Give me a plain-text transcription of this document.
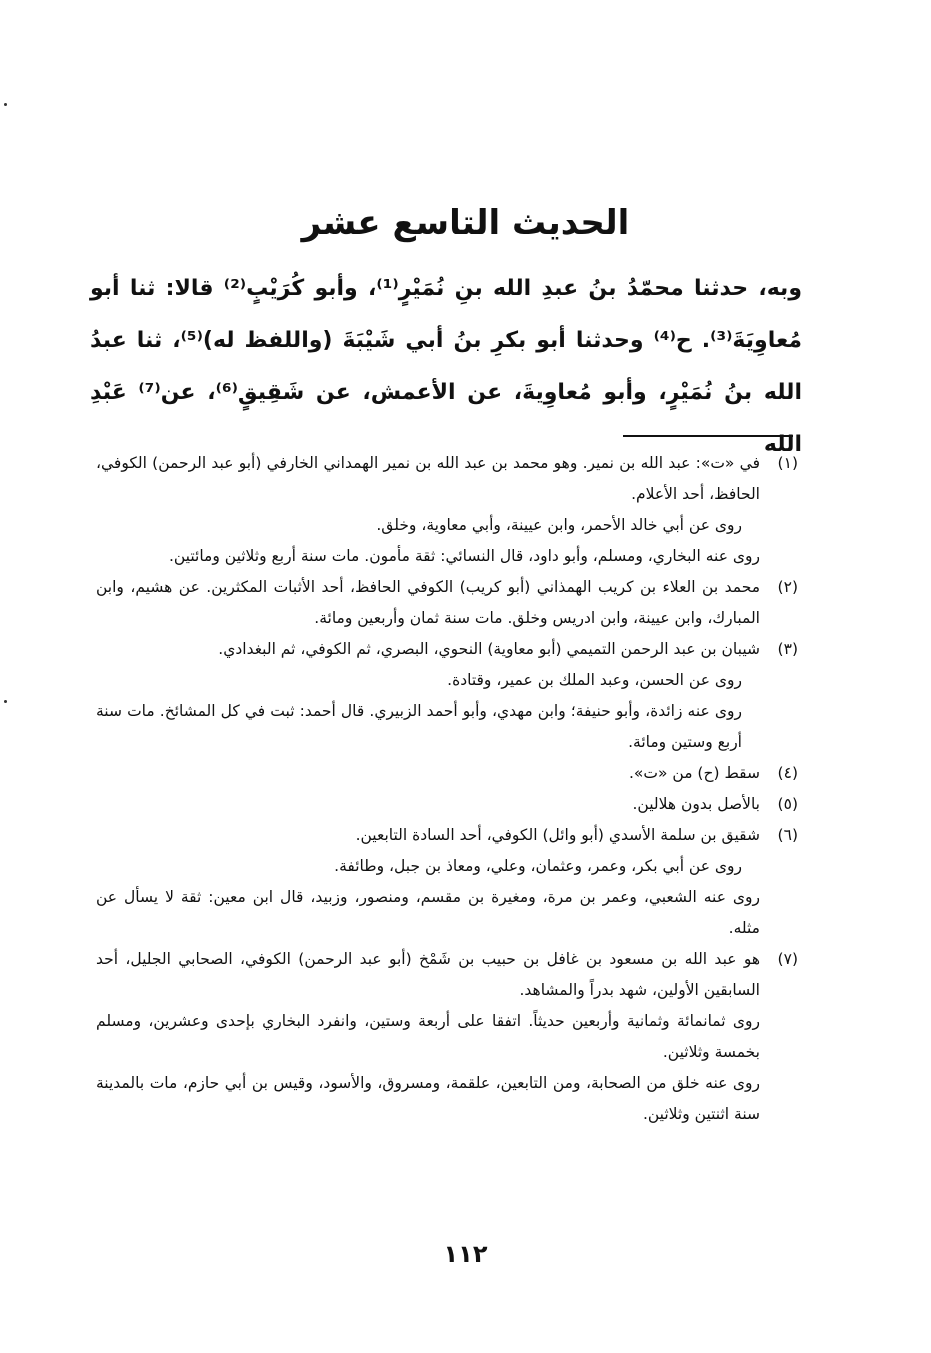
الحديث التاسع عشر
وبه، حدثنا محمّدُ بنُ عبدِ الله بنِ نُمَيْرٍ⁽¹⁾، وأبو كُرَيْبٍ⁽²⁾ قالا: ثنا أبو مُعاوِيَةَ⁽³⁾. ح⁽⁴⁾ وحدثنا أبو بكرِ بنُ أبي شَيْبَةَ (واللفظ له)⁽⁵⁾، ثنا عبدُ الله بنُ نُمَيْرٍ، وأبو مُعاوِيةَ، عن الأعمش، عن شَقِيقٍ⁽⁶⁾، عن⁽⁷⁾ عَبْدِ الله
(١)

في «ت»: عبد الله بن نمير. وهو محمد بن عبد الله بن نمير الهمداني الخارفي (أبو عبد الرحمن) الكوفي، الحافظ، أحد الأعلام.

روى عن أبي خالد الأحمر، وابن عيينة، وأبي معاوية، وخلق.

روى عنه البخاري، ومسلم، وأبو داود، قال النسائي: ثقة مأمون. مات سنة أربع وثلاثين ومائتين.

(٢)

محمد بن العلاء بن كريب الهمذاني (أبو كريب) الكوفي الحافظ، أحد الأثبات المكثرين. عن هشيم، وابن المبارك، وابن عيينة، وابن ادريس وخلق. مات سنة ثمان وأربعين ومائة.

(٣)

شيبان بن عبد الرحمن التميمي (أبو معاوية) النحوي، البصري، ثم الكوفي، ثم البغدادي.

روى عن الحسن، وعبد الملك بن عمير، وقتادة.

روى عنه زائدة، وأبو حنيفة؛ وابن مهدي، وأبو أحمد الزبيري. قال أحمد: ثبت في كل المشائخ. مات سنة أربع وستين ومائة.

(٤)

سقط (ح) من «ت».

(٥)

بالأصل بدون هلالين.

(٦)

شقيق بن سلمة الأسدي (أبو وائل) الكوفي، أحد السادة التابعين.

روى عن أبي بكر، وعمر، وعثمان، وعلي، ومعاذ بن جبل، وطائفة.

روى عنه الشعبي، وعمر بن مرة، ومغيرة بن مقسم، ومنصور، وزبيد، قال ابن معين: ثقة لا يسأل عن مثله.

(٧)

هو عبد الله بن مسعود بن غافل بن حبيب بن شَمْخ (أبو عبد الرحمن) الكوفي، الصحابي الجليل، أحد السابقين الأولين، شهد بدراً والمشاهد.

روى ثمانمائة وثمانية وأربعين حديثاً. اتفقا على أربعة وستين، وانفرد البخاري بإحدى وعشرين، ومسلم بخمسة وثلاثين.

روى عنه خلق من الصحابة، ومن التابعين، علقمة، ومسروق، والأسود، وقيس بن أبي حازم، مات بالمدينة سنة اثنتين وثلاثين.

١١٢
